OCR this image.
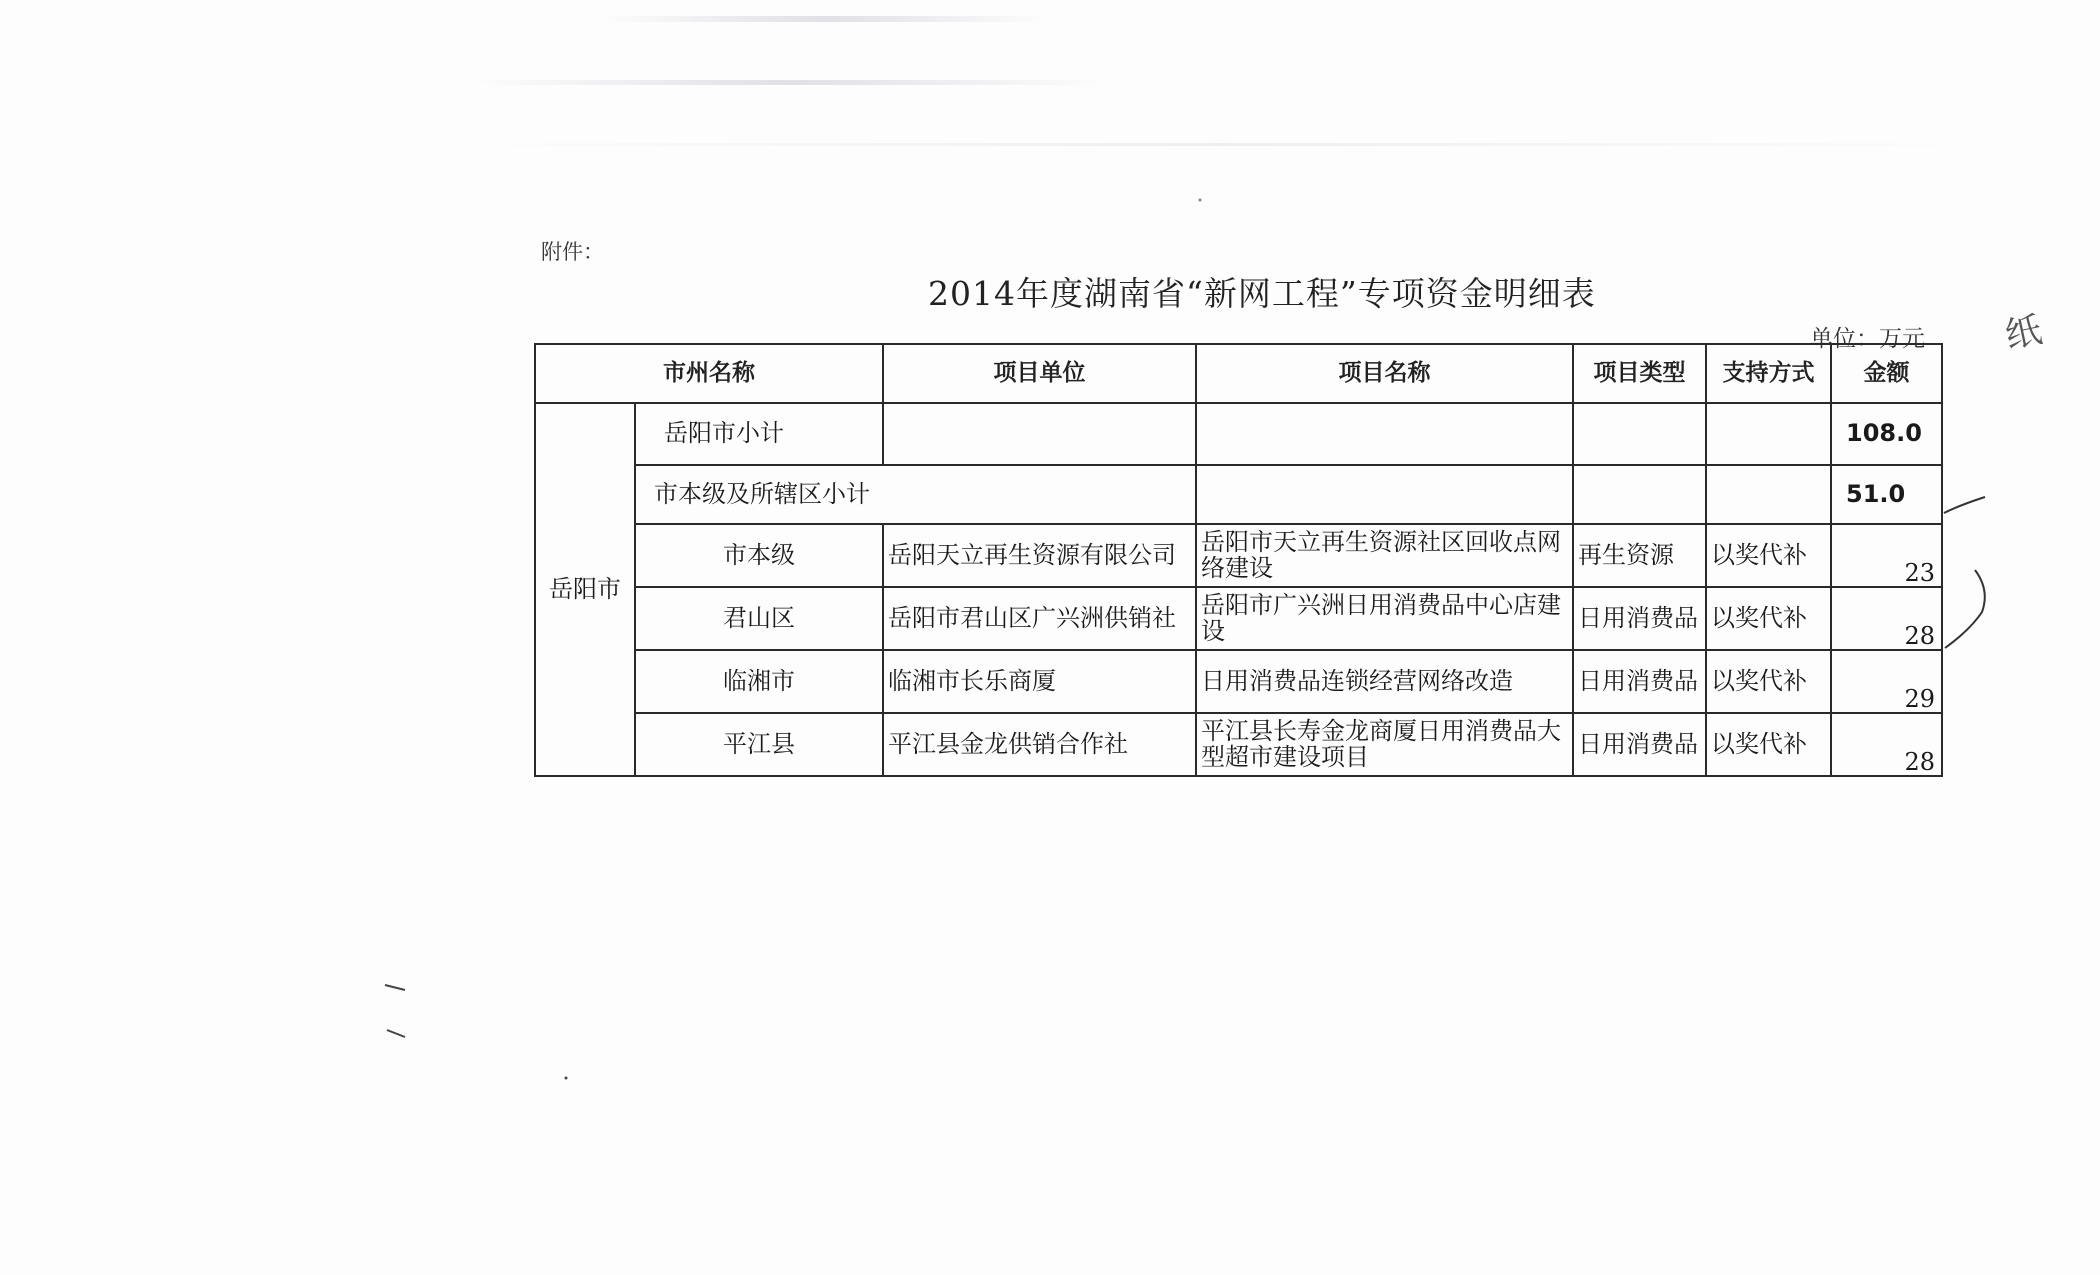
附件：
2014年度湖南省“新网工程”专项资金明细表
单位：万元 纸
市州名称		项目单位	项目名称	项目类型	支持方式	金额
岳阳市	岳阳市小计					108.0
	市本级及所辖区小计					51.0
	市本级	岳阳天立再生资源有限公司	岳阳市天立再生资源社区回收点网络建设	再生资源	以奖代补	23
	君山区	岳阳市君山区广兴洲供销社	岳阳市广兴洲日用消费品中心店建设	日用消费品	以奖代补	28
	临湘市	临湘市长乐商厦	日用消费品连锁经营网络改造	日用消费品	以奖代补	29
	平江县	平江县金龙供销合作社	平江县长寿金龙商厦日用消费品大型超市建设项目	日用消费品	以奖代补	28
